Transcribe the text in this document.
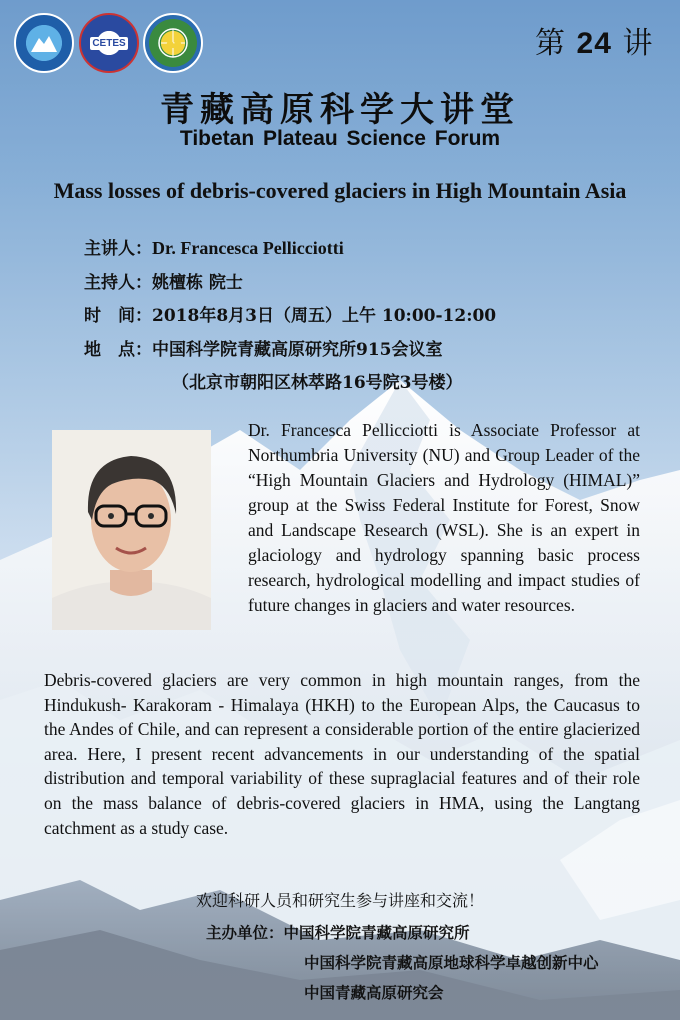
CETES	第 24 讲
青藏高原科学大讲堂
Tibetan Plateau Science Forum
Mass losses of debris-covered glaciers in High Mountain Asia
主讲人：Dr. Francesca Pellicciotti
主持人：姚檀栋 院士
时　间：2018年8月3日（周五）上午 10:00-12:00
地　点：中国科学院青藏高原研究所915会议室
（北京市朝阳区林萃路16号院3号楼）
Dr. Francesca Pellicciotti is Associate Professor at Northumbria University (NU) and Group Leader of the “High Mountain Glaciers and Hydrology (HIMAL)” group at the Swiss Federal Institute for Forest, Snow and Landscape Research (WSL). She is an expert in glaciology and hydrology spanning basic process research, hydrological modelling and impact studies of future changes in glaciers and water resources.
Debris-covered glaciers are very common in high mountain ranges, from the Hindukush- Karakoram - Himalaya (HKH) to the European Alps, the Caucasus to the Andes of Chile, and can represent a considerable portion of the entire glacierized area. Here, I present recent advancements in our understanding of the spatial distribution and temporal variability of these supraglacial features and of their role on the mass balance of debris-covered glaciers in HMA, using the Langtang catchment as a study case.
欢迎科研人员和研究生参与讲座和交流！
主办单位：中国科学院青藏高原研究所
中国科学院青藏高原地球科学卓越创新中心
中国青藏高原研究会
